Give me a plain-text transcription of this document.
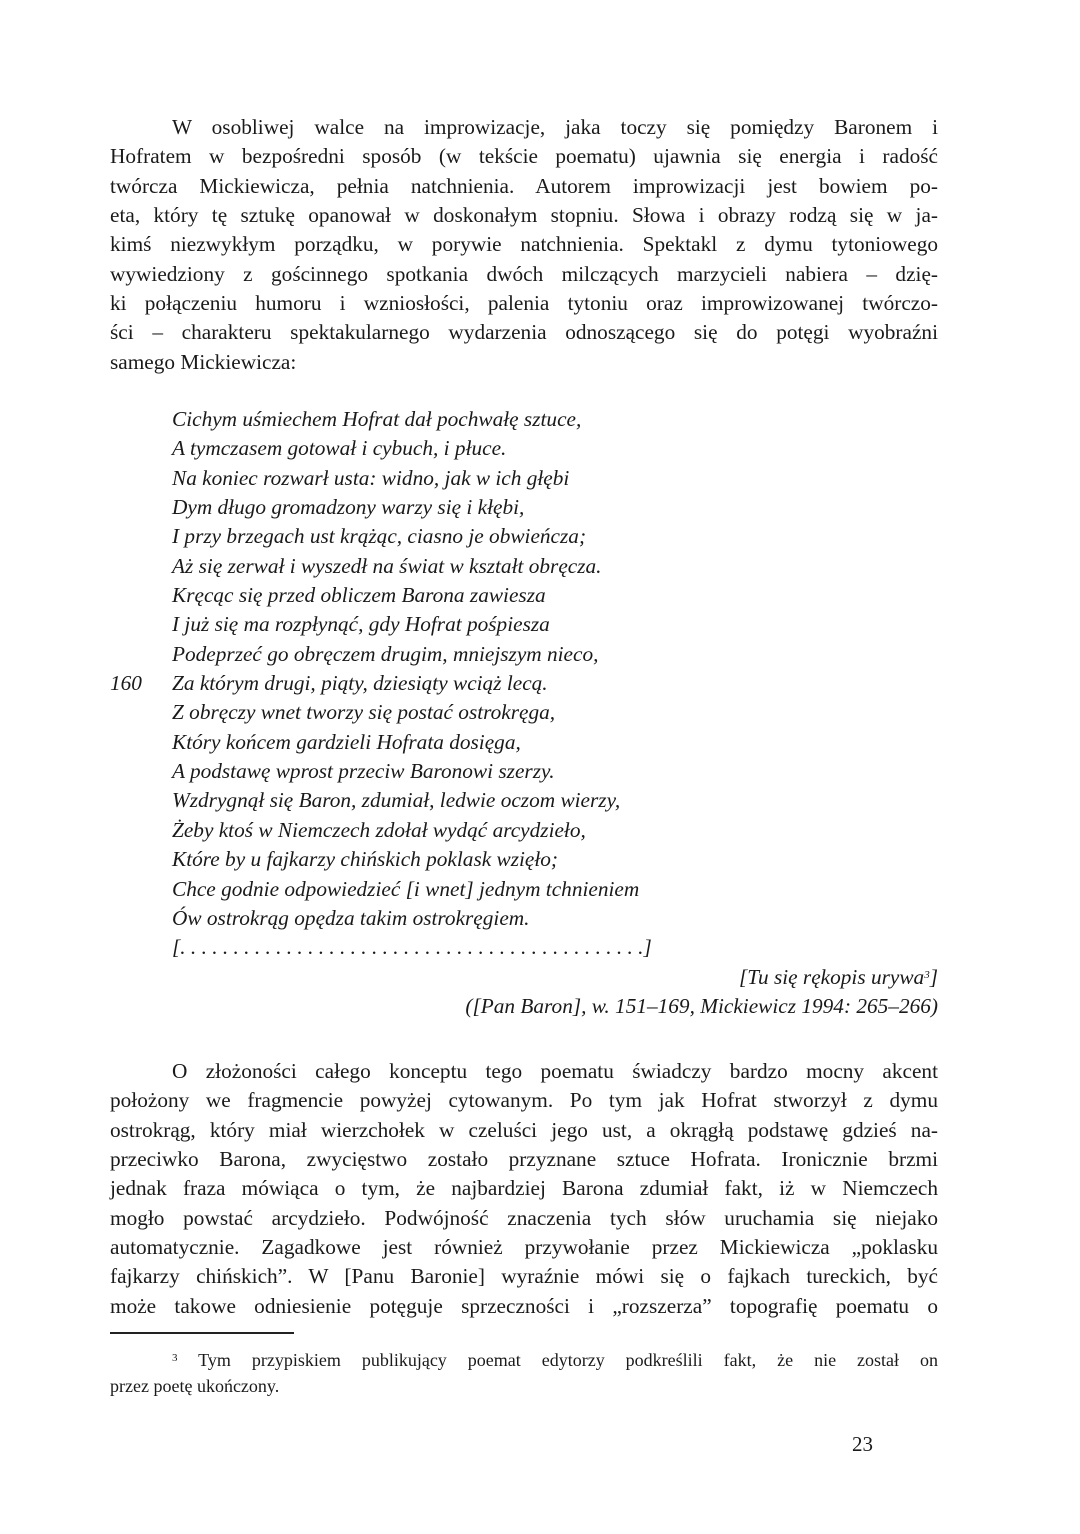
W osobliwej walce na improwizacje, jaka toczy się pomiędzy Baronem i
Hofratem w bezpośredni sposób (w tekście poematu) ujawnia się energia i radość
twórcza Mickiewicza, pełnia natchnienia. Autorem improwizacji jest bowiem po-
eta, który tę sztukę opanował w doskonałym stopniu. Słowa i obrazy rodzą się w ja-
kimś niezwykłym porządku, w porywie natchnienia. Spektakl z dymu tytoniowego
wywiedziony z gościnnego spotkania dwóch milczących marzycieli nabiera – dzię-
ki połączeniu humoru i wzniosłości, palenia tytoniu oraz improwizowanej twórczo-
ści – charakteru spektakularnego wydarzenia odnoszącego się do potęgi wyobraźni
samego Mickiewicza:
Cichym uśmiechem Hofrat dał pochwałę sztuce,
A tymczasem gotował i cybuch, i płuce.
Na koniec rozwarł usta: widno, jak w ich głębi
Dym długo gromadzony warzy się i kłębi,
I przy brzegach ust krążąc, ciasno je obwieńcza;
Aż się zerwał i wyszedł na świat w kształt obręcza.
Kręcąc się przed obliczem Barona zawiesza
I już się ma rozpłynąć, gdy Hofrat pośpiesza
Podeprzeć go obręczem drugim, mniejszym nieco,
160 Za którym drugi, piąty, dziesiąty wciąż lecą.
Z obręczy wnet tworzy się postać ostrokręga,
Który końcem gardzieli Hofrata dosięga,
A podstawę wprost przeciw Baronowi szerzy.
Wzdrygnął się Baron, zdumiał, ledwie oczom wierzy,
Żeby ktoś w Niemczech zdołał wydąć arcydzieło,
Które by u fajkarzy chińskich poklask wzięło;
Chce godnie odpowiedzieć [i wnet] jednym tchnieniem
Ów ostrokrąg opędza takim ostrokręgiem.
[. . . . . . . . . . . . . . . . . . . . . . . . . . . . . . . . . . . . . . . . . . . .]
[Tu się rękopis urywa$^3$]
([Pan Baron], w. 151–169, Mickiewicz 1994: 265–266)
O złożoności całego konceptu tego poematu świadczy bardzo mocny akcent
położony we fragmencie powyżej cytowanym. Po tym jak Hofrat stworzył z dymu
ostrokrąg, który miał wierzchołek w czeluści jego ust, a okrągłą podstawę gdzieś na-
przeciwko Barona, zwycięstwo zostało przyznane sztuce Hofrata. Ironicznie brzmi
jednak fraza mówiąca o tym, że najbardziej Barona zdumiał fakt, iż w Niemczech
mogło powstać arcydzieło. Podwójność znaczenia tych słów uruchamia się niejako
automatycznie. Zagadkowe jest również przywołanie przez Mickiewicza „poklasku
fajkarzy chińskich”. W [Panu Baronie] wyraźnie mówi się o fajkach tureckich, być
może takowe odniesienie potęguje sprzeczności i „rozszerza” topografię poematu o
$^3$ Tym przypiskiem publikujący poemat edytorzy podkreślili fakt, że nie został on
przez poetę ukończony.
23
